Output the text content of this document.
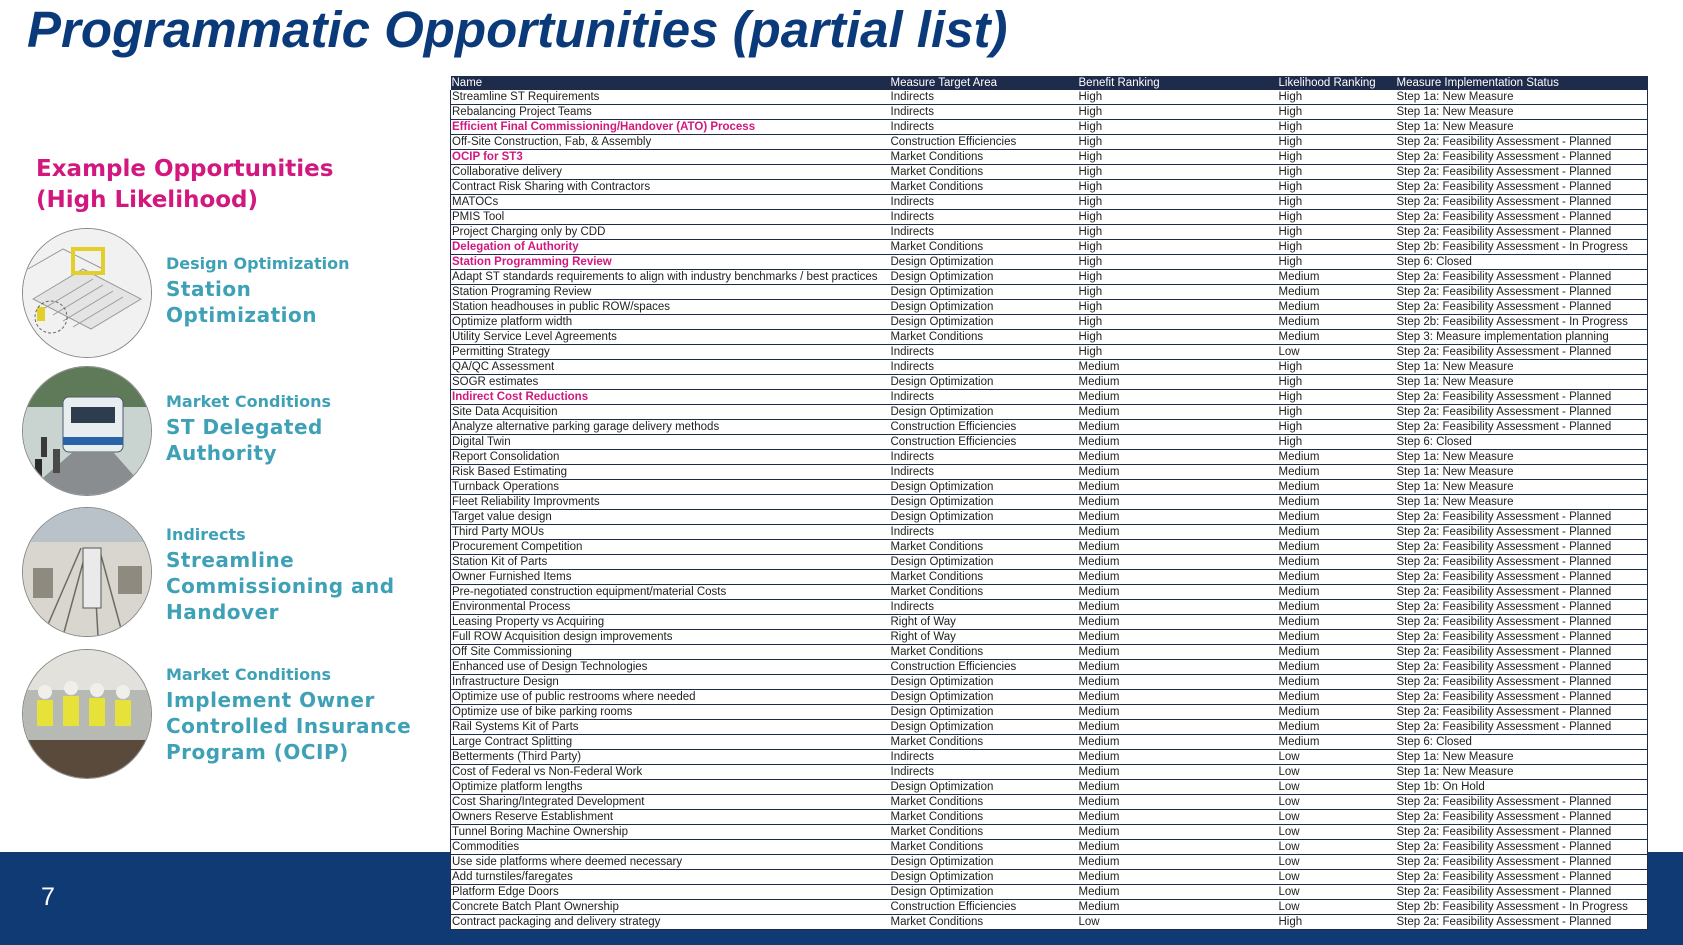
Programmatic Opportunities (partial list)
Example Opportunities
(High Likelihood)
Design Optimization
Station
Optimization
Market Conditions
ST Delegated
Authority
Indirects
Streamline
Commissioning and
Handover
Market Conditions
Implement Owner
Controlled Insurance
Program (OCIP)
7
Name	Measure Target Area	Benefit Ranking	Likelihood Ranking	Measure Implementation Status
Streamline ST Requirements	Indirects	High	High	Step 1a: New Measure
Rebalancing Project Teams	Indirects	High	High	Step 1a: New Measure
Efficient Final Commissioning/Handover (ATO) Process	Indirects	High	High	Step 1a: New Measure
Off-Site Construction, Fab, & Assembly	Construction Efficiencies	High	High	Step 2a: Feasibility Assessment - Planned
OCIP for ST3	Market Conditions	High	High	Step 2a: Feasibility Assessment - Planned
Collaborative delivery	Market Conditions	High	High	Step 2a: Feasibility Assessment - Planned
Contract Risk Sharing with Contractors	Market Conditions	High	High	Step 2a: Feasibility Assessment - Planned
MATOCs	Indirects	High	High	Step 2a: Feasibility Assessment - Planned
PMIS Tool	Indirects	High	High	Step 2a: Feasibility Assessment - Planned
Project Charging only by CDD	Indirects	High	High	Step 2a: Feasibility Assessment - Planned
Delegation of Authority	Market Conditions	High	High	Step 2b: Feasibility Assessment - In Progress
Station Programming Review	Design Optimization	High	High	Step 6: Closed
Adapt ST standards requirements to align with industry benchmarks / best practices	Design Optimization	High	Medium	Step 2a: Feasibility Assessment - Planned
Station Programing Review	Design Optimization	High	Medium	Step 2a: Feasibility Assessment - Planned
Station headhouses in public ROW/spaces	Design Optimization	High	Medium	Step 2a: Feasibility Assessment - Planned
Optimize platform width	Design Optimization	High	Medium	Step 2b: Feasibility Assessment - In Progress
Utility Service Level Agreements	Market Conditions	High	Medium	Step 3: Measure implementation planning
Permitting Strategy	Indirects	High	Low	Step 2a: Feasibility Assessment - Planned
QA/QC Assessment	Indirects	Medium	High	Step 1a: New Measure
SOGR estimates	Design Optimization	Medium	High	Step 1a: New Measure
Indirect Cost Reductions	Indirects	Medium	High	Step 2a: Feasibility Assessment - Planned
Site Data Acquisition	Design Optimization	Medium	High	Step 2a: Feasibility Assessment - Planned
Analyze alternative parking garage delivery methods	Construction Efficiencies	Medium	High	Step 2a: Feasibility Assessment - Planned
Digital Twin	Construction Efficiencies	Medium	High	Step 6: Closed
Report Consolidation	Indirects	Medium	Medium	Step 1a: New Measure
Risk Based Estimating	Indirects	Medium	Medium	Step 1a: New Measure
Turnback Operations	Design Optimization	Medium	Medium	Step 1a: New Measure
Fleet Reliability Improvments	Design Optimization	Medium	Medium	Step 1a: New Measure
Target value design	Design Optimization	Medium	Medium	Step 2a: Feasibility Assessment - Planned
Third Party MOUs	Indirects	Medium	Medium	Step 2a: Feasibility Assessment - Planned
Procurement Competition	Market Conditions	Medium	Medium	Step 2a: Feasibility Assessment - Planned
Station Kit of Parts	Design Optimization	Medium	Medium	Step 2a: Feasibility Assessment - Planned
Owner Furnished Items	Market Conditions	Medium	Medium	Step 2a: Feasibility Assessment - Planned
Pre-negotiated construction equipment/material Costs	Market Conditions	Medium	Medium	Step 2a: Feasibility Assessment - Planned
Environmental Process	Indirects	Medium	Medium	Step 2a: Feasibility Assessment - Planned
Leasing Property vs Acquiring	Right of Way	Medium	Medium	Step 2a: Feasibility Assessment - Planned
Full ROW Acquisition design improvements	Right of Way	Medium	Medium	Step 2a: Feasibility Assessment - Planned
Off Site Commissioning	Market Conditions	Medium	Medium	Step 2a: Feasibility Assessment - Planned
Enhanced use of Design Technologies	Construction Efficiencies	Medium	Medium	Step 2a: Feasibility Assessment - Planned
Infrastructure Design	Design Optimization	Medium	Medium	Step 2a: Feasibility Assessment - Planned
Optimize use of public restrooms where needed	Design Optimization	Medium	Medium	Step 2a: Feasibility Assessment - Planned
Optimize use of bike parking rooms	Design Optimization	Medium	Medium	Step 2a: Feasibility Assessment - Planned
Rail Systems Kit of Parts	Design Optimization	Medium	Medium	Step 2a: Feasibility Assessment - Planned
Large Contract Splitting	Market Conditions	Medium	Medium	Step 6: Closed
Betterments (Third Party)	Indirects	Medium	Low	Step 1a: New Measure
Cost of Federal vs Non-Federal Work	Indirects	Medium	Low	Step 1a: New Measure
Optimize platform lengths	Design Optimization	Medium	Low	Step 1b: On Hold
Cost Sharing/Integrated Development	Market Conditions	Medium	Low	Step 2a: Feasibility Assessment - Planned
Owners Reserve Establishment	Market Conditions	Medium	Low	Step 2a: Feasibility Assessment - Planned
Tunnel Boring Machine Ownership	Market Conditions	Medium	Low	Step 2a: Feasibility Assessment - Planned
Commodities	Market Conditions	Medium	Low	Step 2a: Feasibility Assessment - Planned
Use side platforms where deemed necessary	Design Optimization	Medium	Low	Step 2a: Feasibility Assessment - Planned
Add turnstiles/faregates	Design Optimization	Medium	Low	Step 2a: Feasibility Assessment - Planned
Platform Edge Doors	Design Optimization	Medium	Low	Step 2a: Feasibility Assessment - Planned
Concrete Batch Plant Ownership	Construction Efficiencies	Medium	Low	Step 2b: Feasibility Assessment - In Progress
Contract packaging and delivery strategy	Market Conditions	Low	High	Step 2a: Feasibility Assessment - Planned
